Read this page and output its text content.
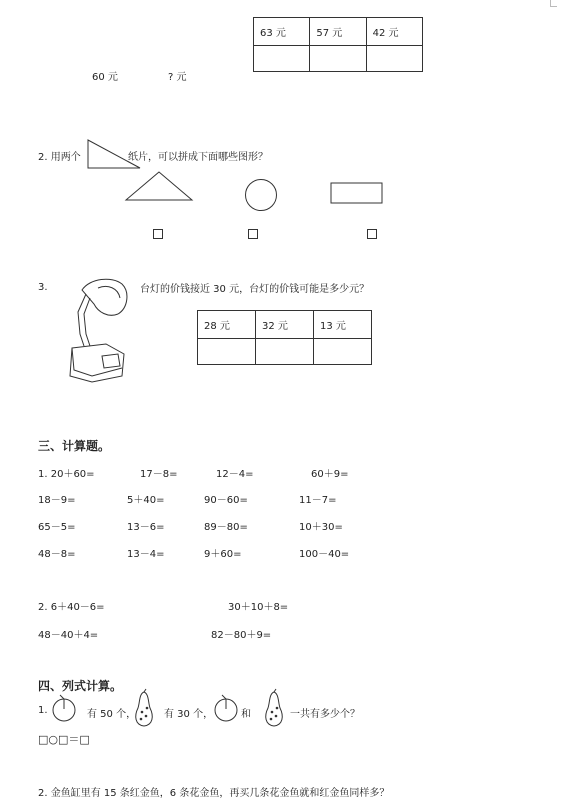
63 元	57 元	42 元

60 元	? 元
2. 用两个	纸片，可以拼成下面哪些图形？
3.	台灯的价钱接近 30 元，台灯的价钱可能是多少元？
28 元	32 元	13 元

三、计算题。
1. 20＋60=	17－8=	12－4=	60＋9=
18－9=	5＋40=	90－60=	11－7=
65－5=	13－6=	89－80=	10＋30=
48－8=	13－4=	9＋60=	100－40=
2. 6＋40－6=	30＋10＋8=
48－40＋4=	82－80＋9=
四、列式计算。
1.	有 50 个，	有 30 个，	和	一共有多少个？
□○□＝□
2. 金鱼缸里有 15 条红金鱼，6 条花金鱼，再买几条花金鱼就和红金鱼同样多？
